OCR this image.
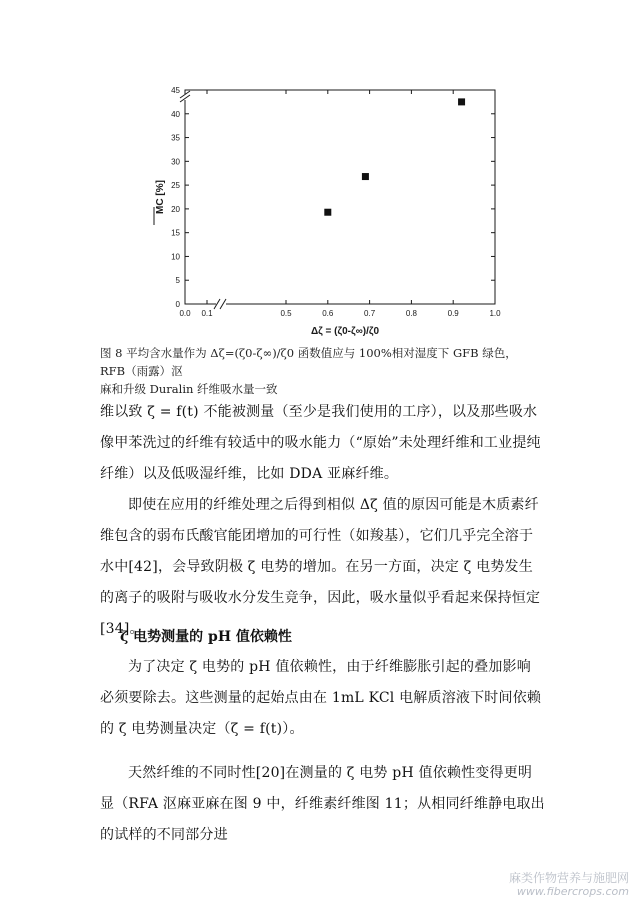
0
5
10
15
20
25
30
35
40
45
0.0 0.1	0.5	0.6	0.7	0.8	0.9	1.0
MC [%]
Δζ = (ζ0-ζ∞)/ζ0
图 8 平均含水量作为 Δζ=(ζ0-ζ∞)/ζ0 函数值应与 100%相对湿度下 GFB 绿色，RFB（雨露）沤
麻和升级 Duralin 纤维吸水量一致

维以致 ζ = f(t) 不能被测量（至少是我们使用的工序），以及那些吸水像甲苯洗过的纤维有较适中的吸水能力（“原始”未处理纤维和工业提纯纤维）以及低吸湿纤维，比如 DDA 亚麻纤维。

即使在应用的纤维处理之后得到相似 Δζ 值的原因可能是木质素纤维包含的弱布氏酸官能团增加的可行性（如羧基），它们几乎完全溶于水中[42]，会导致阴极 ζ 电势的增加。在另一方面，决定 ζ 电势发生的离子的吸附与吸收水分发生竞争，因此，吸水量似乎看起来保持恒定[34]。

ζ 电势测量的 pH 值依赖性

为了决定 ζ 电势的 pH 值依赖性，由于纤维膨胀引起的叠加影响必须要除去。这些测量的起始点由在 1mL KCl 电解质溶液下时间依赖的 ζ 电势测量决定（ζ = f(t)）。

天然纤维的不同时性[20]在测量的 ζ 电势 pH 值依赖性变得更明显（RFA 沤麻亚麻在图 9 中，纤维素纤维图 11；从相同纤维静电取出的试样的不同部分进

麻类作物营养与施肥网
www.fibercrops.com
